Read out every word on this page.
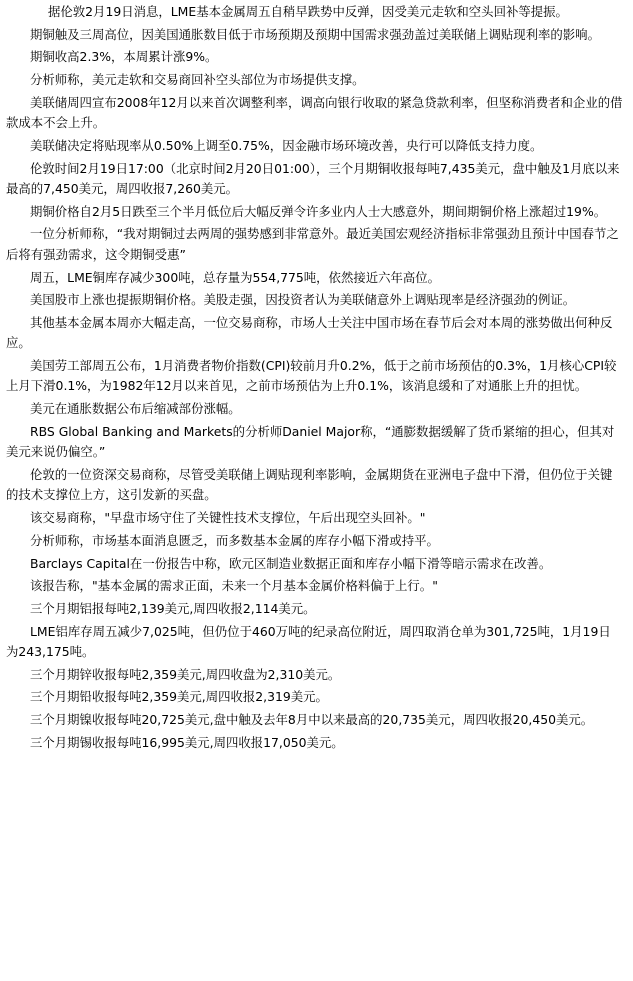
据伦敦2月19日消息，LME基本金属周五自稍早跌势中反弹，因受美元走软和空头回补等提振。

期铜触及三周高位，因美国通胀数目低于市场预期及预期中国需求强劲盖过美联储上调贴现利率的影响。

期铜收高2.3%，本周累计涨9%。

分析师称，美元走软和交易商回补空头部位为市场提供支撑。

美联储周四宣布2008年12月以来首次调整利率，调高向银行收取的紧急贷款利率，但坚称消费者和企业的借款成本不会上升。

美联储决定将贴现率从0.50%上调至0.75%，因金融市场环境改善，央行可以降低支持力度。

伦敦时间2月19日17:00（北京时间2月20日01:00），三个月期铜收报每吨7,435美元，盘中触及1月底以来最高的7,450美元，周四收报7,260美元。

期铜价格自2月5日跌至三个半月低位后大幅反弹令许多业内人士大感意外，期间期铜价格上涨超过19%。

一位分析师称，“我对期铜过去两周的强势感到非常意外。最近美国宏观经济指标非常强劲且预计中国春节之后将有强劲需求，这令期铜受惠”

周五，LME铜库存减少300吨，总存量为554,775吨，依然接近六年高位。

美国股市上涨也提振期铜价格。美股走强，因投资者认为美联储意外上调贴现率是经济强劲的例证。

其他基本金属本周亦大幅走高，一位交易商称，市场人士关注中国市场在春节后会对本周的涨势做出何种反应。

美国劳工部周五公布，1月消费者物价指数(CPI)较前月升0.2%，低于之前市场预估的0.3%，1月核心CPI较上月下滑0.1%，为1982年12月以来首见，之前市场预估为上升0.1%，该消息缓和了对通胀上升的担忧。

美元在通胀数据公布后缩减部份涨幅。

RBS Global Banking and Markets的分析师Daniel Major称，“通膨数据缓解了货币紧缩的担心，但其对美元来说仍偏空。”

伦敦的一位资深交易商称，尽管受美联储上调贴现利率影响，金属期货在亚洲电子盘中下滑，但仍位于关键的技术支撑位上方，这引发新的买盘。

该交易商称，"早盘市场守住了关键性技术支撑位，午后出现空头回补。"

分析师称，市场基本面消息匮乏，而多数基本金属的库存小幅下滑或持平。

Barclays Capital在一份报告中称，欧元区制造业数据正面和库存小幅下滑等暗示需求在改善。

该报告称，"基本金属的需求正面，未来一个月基本金属价格料偏于上行。"

三个月期铝报每吨2,139美元,周四收报2,114美元。

LME铝库存周五减少7,025吨，但仍位于460万吨的纪录高位附近，周四取消仓单为301,725吨，1月19日为243,175吨。

三个月期锌收报每吨2,359美元,周四收盘为2,310美元。

三个月期铅收报每吨2,359美元,周四收报2,319美元。

三个月期镍收报每吨20,725美元,盘中触及去年8月中以来最高的20,735美元，周四收报20,450美元。

三个月期锡收报每吨16,995美元,周四收报17,050美元。
